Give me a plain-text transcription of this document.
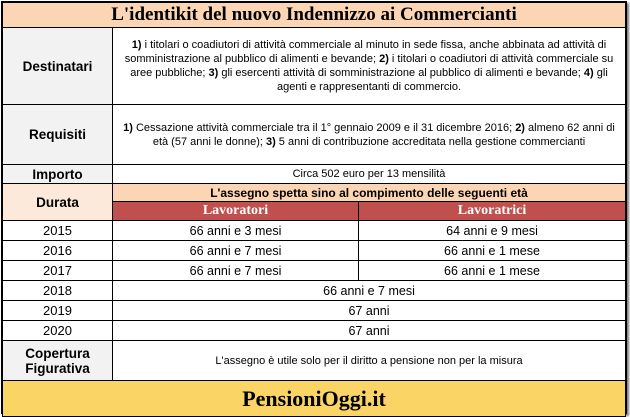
L'identikit del nuovo Indennizzo ai Commercianti		
Destinatari	1) i titolari o coadiutori di attività commerciale al minuto in sede fissa, anche abbinata ad attività di somministrazione al pubblico di alimenti e bevande; 2) i titolari o coadiutori di attività commerciale su aree pubbliche; 3) gli esercenti attività di somministrazione al pubblico di alimenti e bevande; 4) gli agenti e rappresentanti di commercio.	
Requisiti	1) Cessazione attività commerciale tra il 1° gennaio 2009 e il 31 dicembre 2016; 2) almeno 62 anni di età (57 anni le donne); 3) 5 anni di contribuzione accreditata nella gestione commercianti	
Importo	Circa 502 euro per 13 mensilità	
Durata	L'assegno spetta sino al compimento delle seguenti età	
	Lavoratori	Lavoratrici
2015	66 anni e 3 mesi	64 anni e 9 mesi
2016	66 anni e 7 mesi	66 anni e 1 mese
2017	66 anni e 7 mesi	66 anni e 1 mese
2018	66 anni e 7 mesi	
2019	67 anni	
2020	67 anni	
Copertura Figurativa	L'assegno è utile solo per il diritto a pensione non per la misura	
PensioniOggi.it		
